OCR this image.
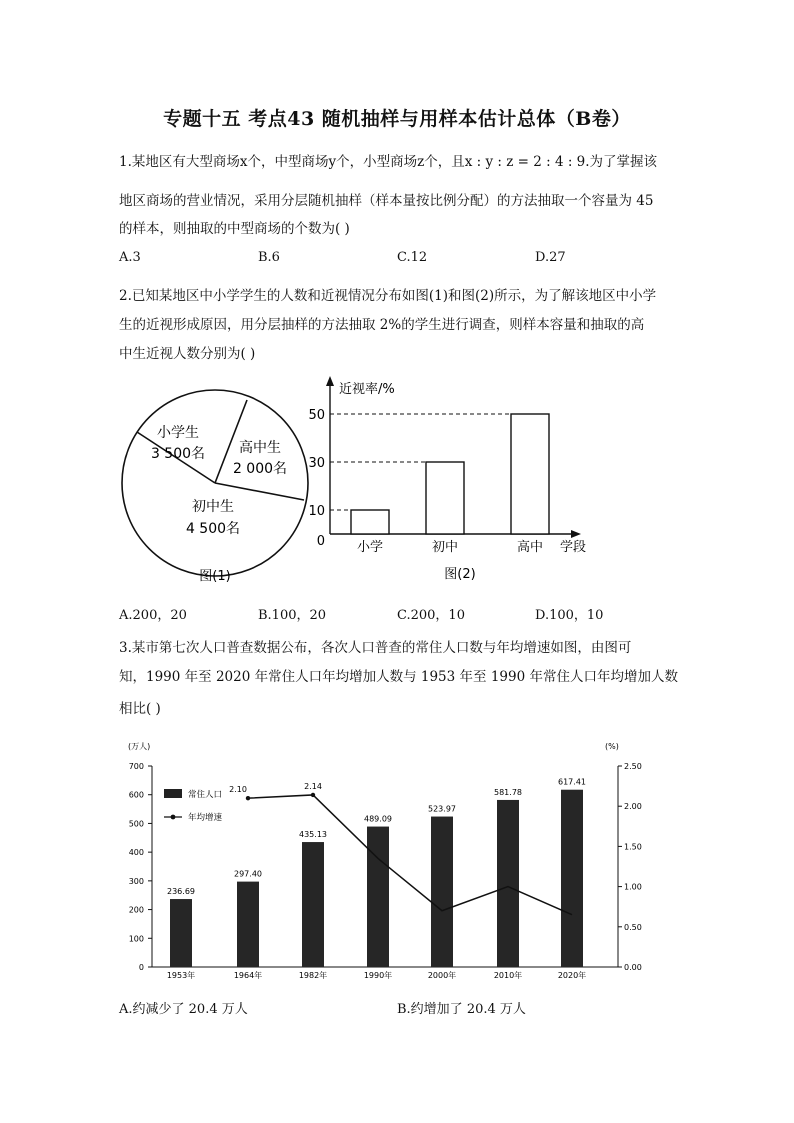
专题十五 考点43 随机抽样与用样本估计总体（B卷）
1.某地区有大型商场x个，中型商场y个，小型商场z个，且x : y : z = 2 : 4 : 9.为了掌握该
地区商场的营业情况，采用分层随机抽样（样本量按比例分配）的方法抽取一个容量为 45
的样本，则抽取的中型商场的个数为( )
A.3	B.6	C.12	D.27
2.已知某地区中小学学生的人数和近视情况分布如图(1)和图(2)所示，为了解该地区中小学
生的近视形成原因，用分层抽样的方法抽取 2%的学生进行调查，则样本容量和抽取的高
中生近视人数分别为( )
小学生
3 500名 高中生
2 000名
初中生
4 500名
图(1)
近视率/%
学段
图(2)
10
小学
30
初中
50
高中
0
A.200，20	B.100，20	C.200，10	D.100，10
3.某市第七次人口普查数据公布，各次人口普查的常住人口数与年均增速如图，由图可
知，1990 年至 2020 年常住人口年均增加人数与 1953 年至 1990 年常住人口年均增加人数
相比( )
(万人)	(%)
常住人口
年均增速
700
600
500
400
300
200
100
0
2.50
2.00
1.50
1.00
0.50
0.00
236.69
1953年
297.40
1964年
435.13
1982年
489.09
1990年
523.97
2000年
581.78
2010年
617.41
2020年
2.10	2.14
A.约减少了 20.4 万人	B.约增加了 20.4 万人
